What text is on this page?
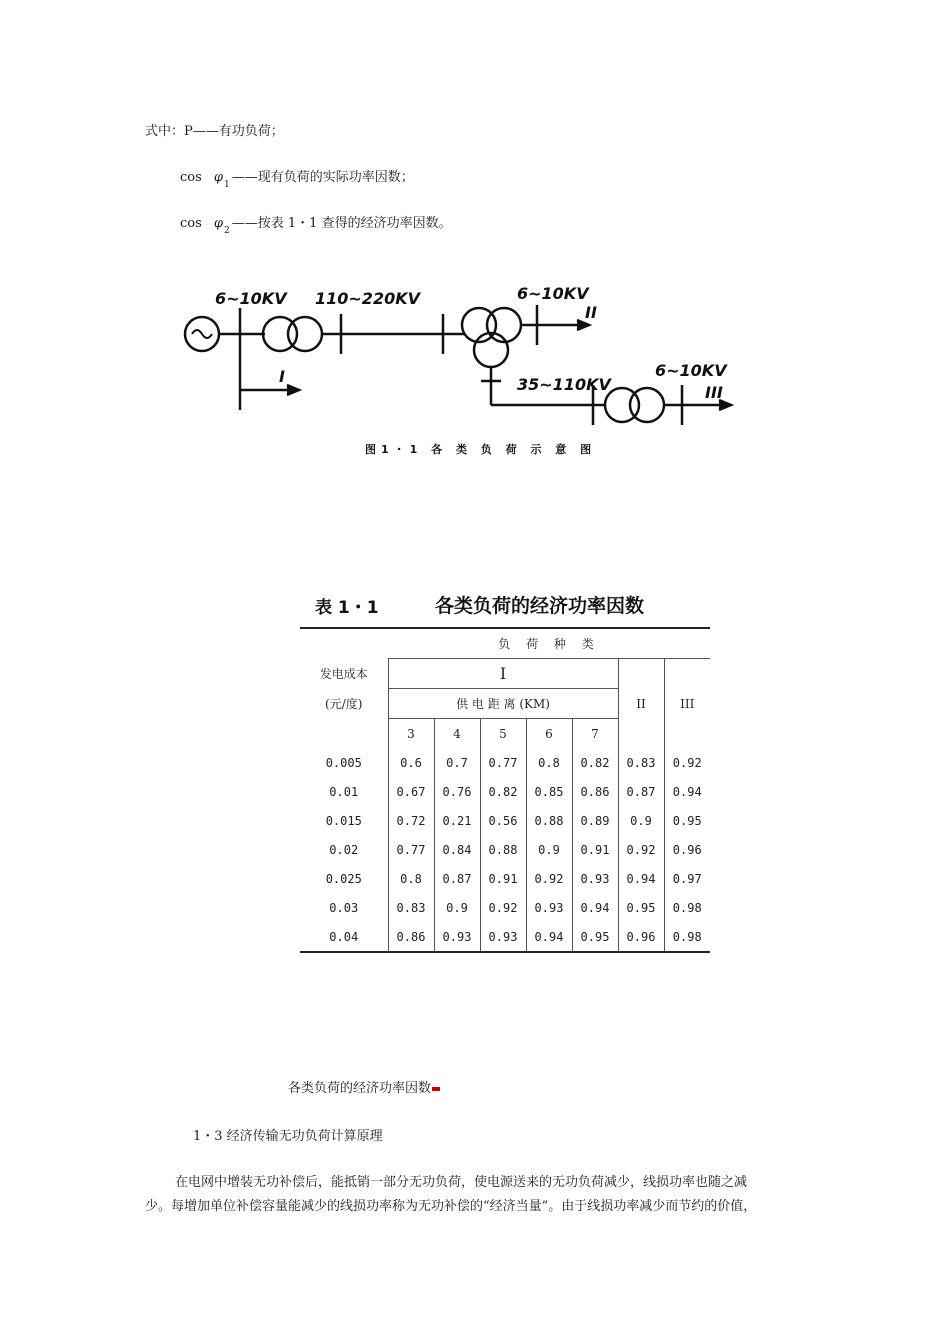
式中：P——有功负荷；
$\cos \varphi_1$ ——现有负荷的实际功率因数；
$\cos \varphi_2$ ——按表 1・1 查得的经济功率因数。
6~10KV 110~220KV	6~10KV
6~10KV
35~110KV
I
II
III
图1・1 各 类 负 荷 示 意 图
表 1・1	各类负荷的经济功率因数
	负 荷 种 类						
发电成本	I					II	III
(元/度)	供 电 距 离 (KM)						
	3	4	5	6	7		
0.005	0.6	0.7	0.77	0.8	0.82	0.83	0.92
0.01	0.67	0.76	0.82	0.85	0.86	0.87	0.94
0.015	0.72	0.21	0.56	0.88	0.89	0.9	0.95
0.02	0.77	0.84	0.88	0.9	0.91	0.92	0.96
0.025	0.8	0.87	0.91	0.92	0.93	0.94	0.97
0.03	0.83	0.9	0.92	0.93	0.94	0.95	0.98
0.04	0.86	0.93	0.93	0.94	0.95	0.96	0.98
各类负荷的经济功率因数
1・3 经济传输无功负荷计算原理
在电网中增装无功补偿后，能抵销一部分无功负荷，使电源送来的无功负荷减少，线损功率也随之减
少。每增加单位补偿容量能减少的线损功率称为无功补偿的“经济当量”。由于线损功率减少而节约的价值，
